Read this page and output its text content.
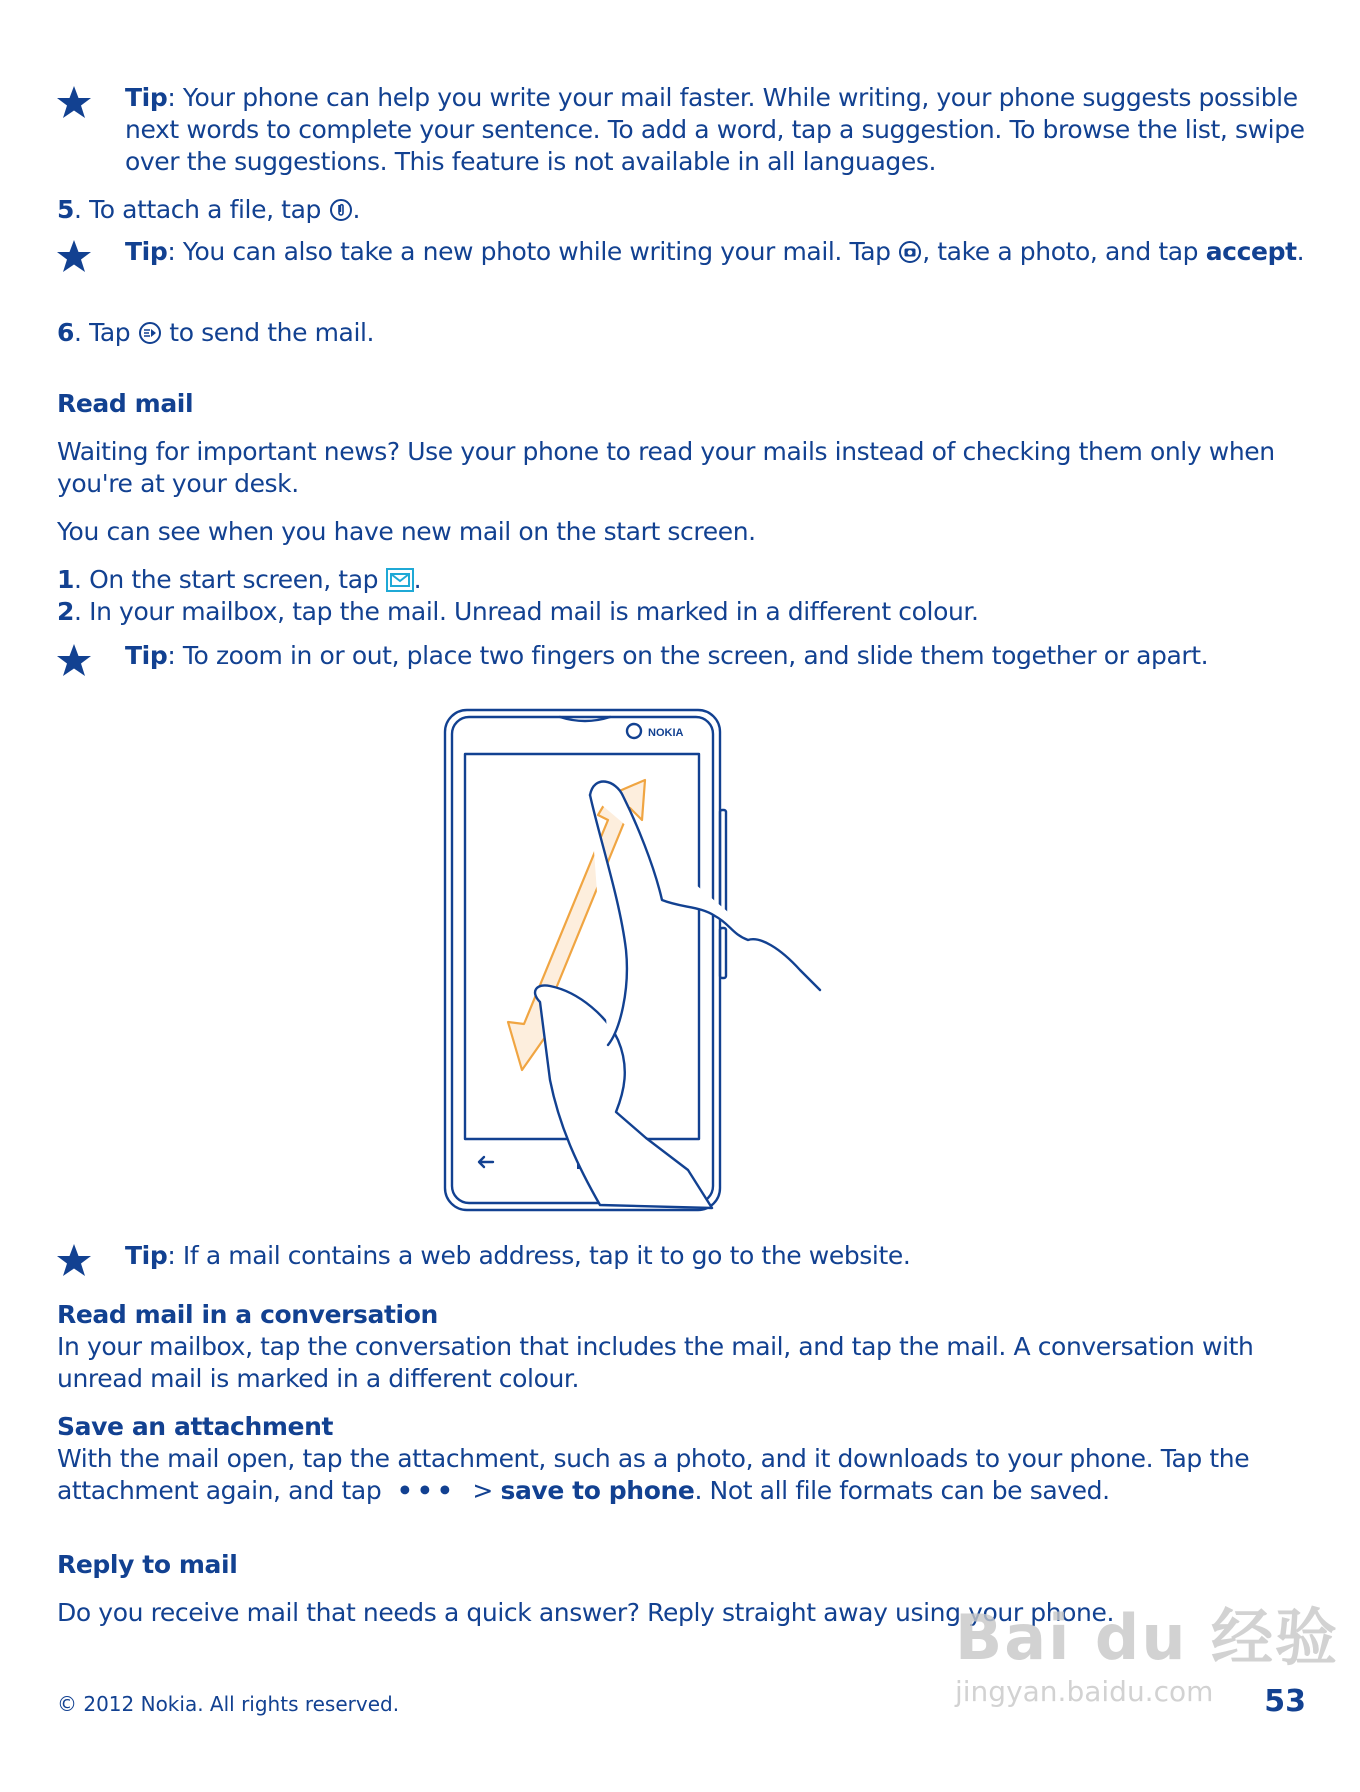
Tip: Your phone can help you write your mail faster. While writing, your phone suggests possible next words to complete your sentence. To add a word, tap a suggestion. To browse the list, swipe over the suggestions. This feature is not available in all languages.

5. To attach a file, tap .

Tip: You can also take a new photo while writing your mail. Tap , take a photo, and tap accept.

6. Tap  to send the mail.

Read mail

Waiting for important news? Use your phone to read your mails instead of checking them only when you're at your desk.

You can see when you have new mail on the start screen.

1. On the start screen, tap .

2. In your mailbox, tap the mail. Unread mail is marked in a different colour.

Tip: To zoom in or out, place two fingers on the screen, and slide them together or apart.

NOKIA

Tip: If a mail contains a web address, tap it to go to the website.

Read mail in a conversation

In your mailbox, tap the conversation that includes the mail, and tap the mail. A conversation with unread mail is marked in a different colour.

Save an attachment

With the mail open, tap the attachment, such as a photo, and it downloads to your phone. Tap the attachment again, and tap ••• > save to phone. Not all file formats can be saved.

Reply to mail

Do you receive mail that needs a quick answer? Reply straight away using your phone.

Bai du 经验
jingyan.baidu.com
© 2012 Nokia. All rights reserved.	53
